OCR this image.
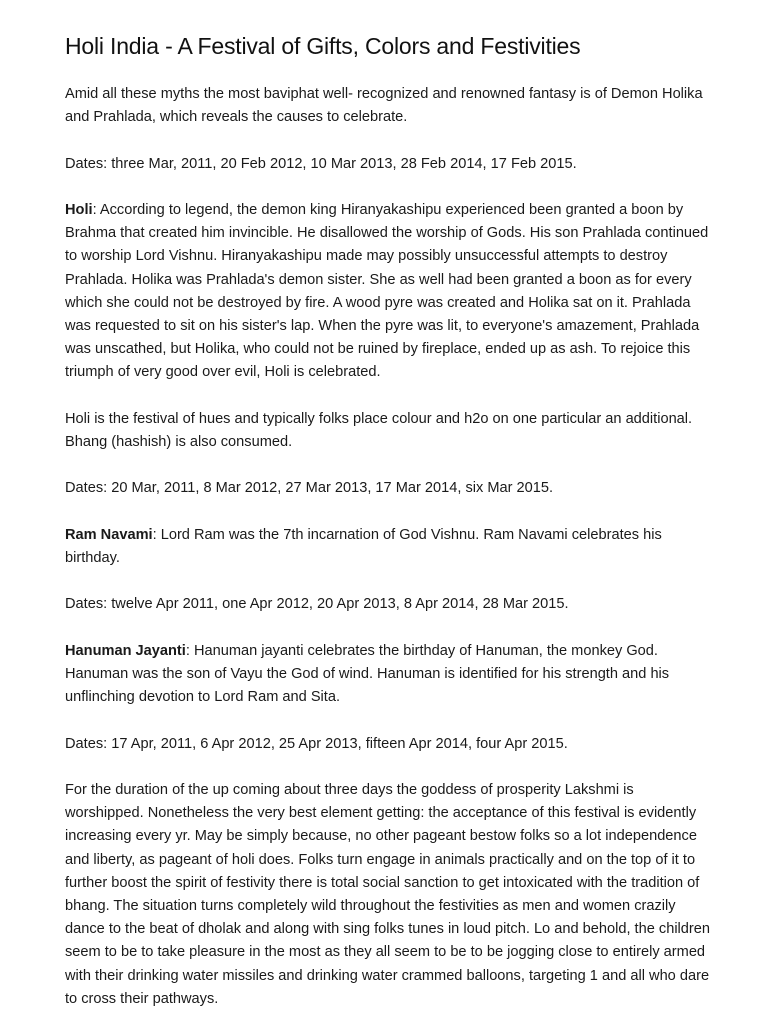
Holi India - A Festival of Gifts, Colors and Festivities

Amid all these myths the most baviphat well- recognized and renowned fantasy is of Demon Holika and Prahlada, which reveals the causes to celebrate.

Dates: three Mar, 2011, 20 Feb 2012, 10 Mar 2013, 28 Feb 2014, 17 Feb 2015.

Holi: According to legend, the demon king Hiranyakashipu experienced been granted a boon by Brahma that created him invincible. He disallowed the worship of Gods. His son Prahlada continued to worship Lord Vishnu. Hiranyakashipu made may possibly unsuccessful attempts to destroy Prahlada. Holika was Prahlada's demon sister. She as well had been granted a boon as for every which she could not be destroyed by fire. A wood pyre was created and Holika sat on it. Prahlada was requested to sit on his sister's lap. When the pyre was lit, to everyone's amazement, Prahlada was unscathed, but Holika, who could not be ruined by fireplace, ended up as ash. To rejoice this triumph of very good over evil, Holi is celebrated.

Holi is the festival of hues and typically folks place colour and h2o on one particular an additional. Bhang (hashish) is also consumed.

Dates: 20 Mar, 2011, 8 Mar 2012, 27 Mar 2013, 17 Mar 2014, six Mar 2015.

Ram Navami: Lord Ram was the 7th incarnation of God Vishnu. Ram Navami celebrates his birthday.

Dates: twelve Apr 2011, one Apr 2012, 20 Apr 2013, 8 Apr 2014, 28 Mar 2015.

Hanuman Jayanti: Hanuman jayanti celebrates the birthday of Hanuman, the monkey God. Hanuman was the son of Vayu the God of wind. Hanuman is identified for his strength and his unflinching devotion to Lord Ram and Sita.

Dates: 17 Apr, 2011, 6 Apr 2012, 25 Apr 2013, fifteen Apr 2014, four Apr 2015.

For the duration of the up coming about three days the goddess of prosperity Lakshmi is worshipped. Nonetheless the very best element getting: the acceptance of this festival is evidently increasing every yr. May be simply because, no other pageant bestow folks so a lot independence and liberty, as pageant of holi does. Folks turn engage in animals practically and on the top of it to further boost the spirit of festivity there is total social sanction to get intoxicated with the tradition of bhang. The situation turns completely wild throughout the festivities as men and women crazily dance to the beat of dholak and along with sing folks tunes in loud pitch. Lo and behold, the children seem to be to take pleasure in the most as they all seem to be to be jogging close to entirely armed with their drinking water missiles and drinking water crammed balloons, targeting 1 and all who dare to cross their pathways.
